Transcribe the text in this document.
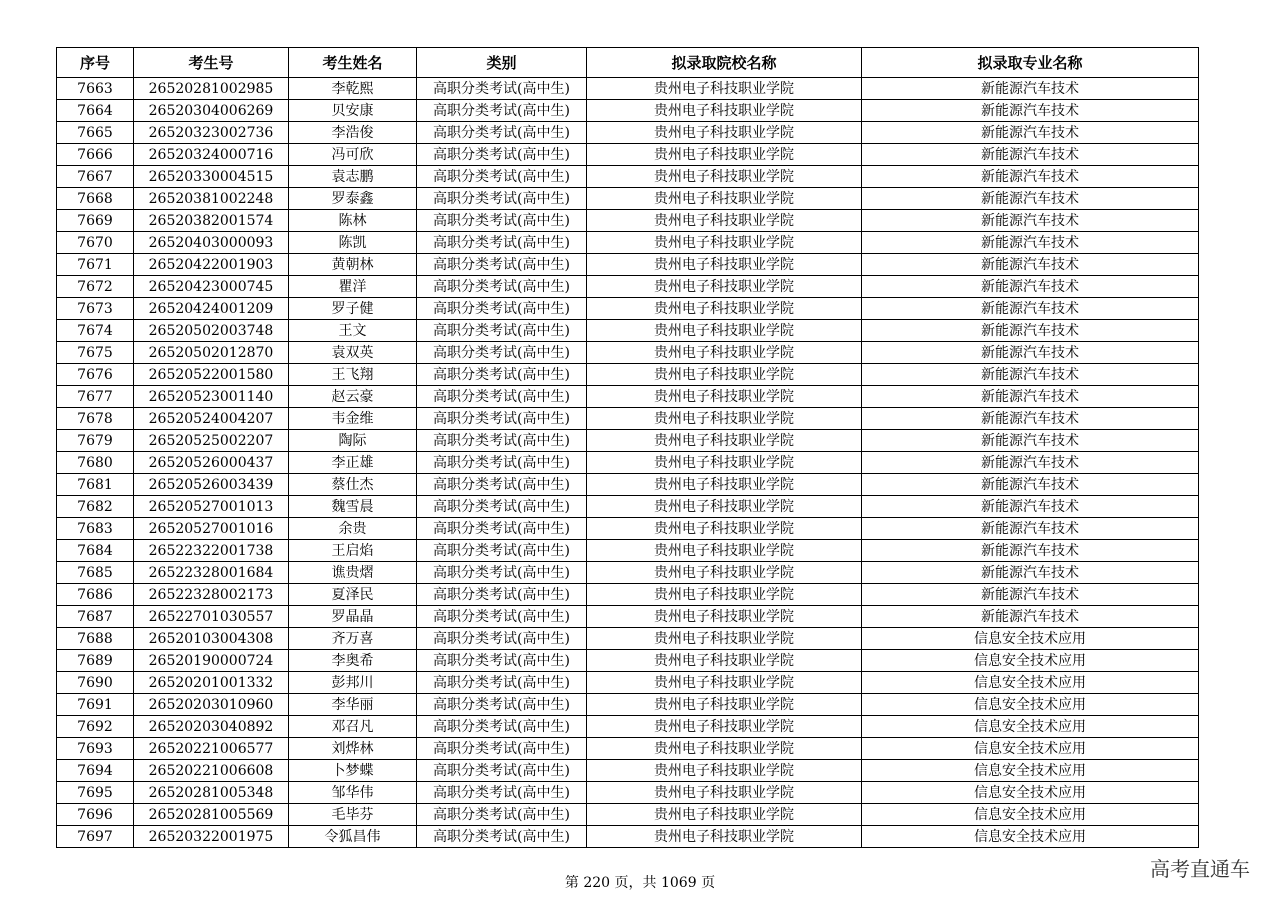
序号	考生号	考生姓名	类别	拟录取院校名称	拟录取专业名称
7663	26520281002985	李乾熙	高职分类考试(高中生)	贵州电子科技职业学院	新能源汽车技术
7664	26520304006269	贝安康	高职分类考试(高中生)	贵州电子科技职业学院	新能源汽车技术
7665	26520323002736	李浩俊	高职分类考试(高中生)	贵州电子科技职业学院	新能源汽车技术
7666	26520324000716	冯可欣	高职分类考试(高中生)	贵州电子科技职业学院	新能源汽车技术
7667	26520330004515	袁志鹏	高职分类考试(高中生)	贵州电子科技职业学院	新能源汽车技术
7668	26520381002248	罗泰鑫	高职分类考试(高中生)	贵州电子科技职业学院	新能源汽车技术
7669	26520382001574	陈林	高职分类考试(高中生)	贵州电子科技职业学院	新能源汽车技术
7670	26520403000093	陈凯	高职分类考试(高中生)	贵州电子科技职业学院	新能源汽车技术
7671	26520422001903	黄朝林	高职分类考试(高中生)	贵州电子科技职业学院	新能源汽车技术
7672	26520423000745	瞿洋	高职分类考试(高中生)	贵州电子科技职业学院	新能源汽车技术
7673	26520424001209	罗子健	高职分类考试(高中生)	贵州电子科技职业学院	新能源汽车技术
7674	26520502003748	王文	高职分类考试(高中生)	贵州电子科技职业学院	新能源汽车技术
7675	26520502012870	袁双英	高职分类考试(高中生)	贵州电子科技职业学院	新能源汽车技术
7676	26520522001580	王飞翔	高职分类考试(高中生)	贵州电子科技职业学院	新能源汽车技术
7677	26520523001140	赵云豪	高职分类考试(高中生)	贵州电子科技职业学院	新能源汽车技术
7678	26520524004207	韦金维	高职分类考试(高中生)	贵州电子科技职业学院	新能源汽车技术
7679	26520525002207	陶际	高职分类考试(高中生)	贵州电子科技职业学院	新能源汽车技术
7680	26520526000437	李正雄	高职分类考试(高中生)	贵州电子科技职业学院	新能源汽车技术
7681	26520526003439	蔡仕杰	高职分类考试(高中生)	贵州电子科技职业学院	新能源汽车技术
7682	26520527001013	魏雪晨	高职分类考试(高中生)	贵州电子科技职业学院	新能源汽车技术
7683	26520527001016	余贵	高职分类考试(高中生)	贵州电子科技职业学院	新能源汽车技术
7684	26522322001738	王启焰	高职分类考试(高中生)	贵州电子科技职业学院	新能源汽车技术
7685	26522328001684	谯贵熠	高职分类考试(高中生)	贵州电子科技职业学院	新能源汽车技术
7686	26522328002173	夏泽民	高职分类考试(高中生)	贵州电子科技职业学院	新能源汽车技术
7687	26522701030557	罗晶晶	高职分类考试(高中生)	贵州电子科技职业学院	新能源汽车技术
7688	26520103004308	齐万喜	高职分类考试(高中生)	贵州电子科技职业学院	信息安全技术应用
7689	26520190000724	李奥希	高职分类考试(高中生)	贵州电子科技职业学院	信息安全技术应用
7690	26520201001332	彭邦川	高职分类考试(高中生)	贵州电子科技职业学院	信息安全技术应用
7691	26520203010960	李华丽	高职分类考试(高中生)	贵州电子科技职业学院	信息安全技术应用
7692	26520203040892	邓召凡	高职分类考试(高中生)	贵州电子科技职业学院	信息安全技术应用
7693	26520221006577	刘烨林	高职分类考试(高中生)	贵州电子科技职业学院	信息安全技术应用
7694	26520221006608	卜梦蝶	高职分类考试(高中生)	贵州电子科技职业学院	信息安全技术应用
7695	26520281005348	邹华伟	高职分类考试(高中生)	贵州电子科技职业学院	信息安全技术应用
7696	26520281005569	毛毕芬	高职分类考试(高中生)	贵州电子科技职业学院	信息安全技术应用
7697	26520322001975	令狐昌伟	高职分类考试(高中生)	贵州电子科技职业学院	信息安全技术应用
第 220 页，共 1069 页
高考直通车
